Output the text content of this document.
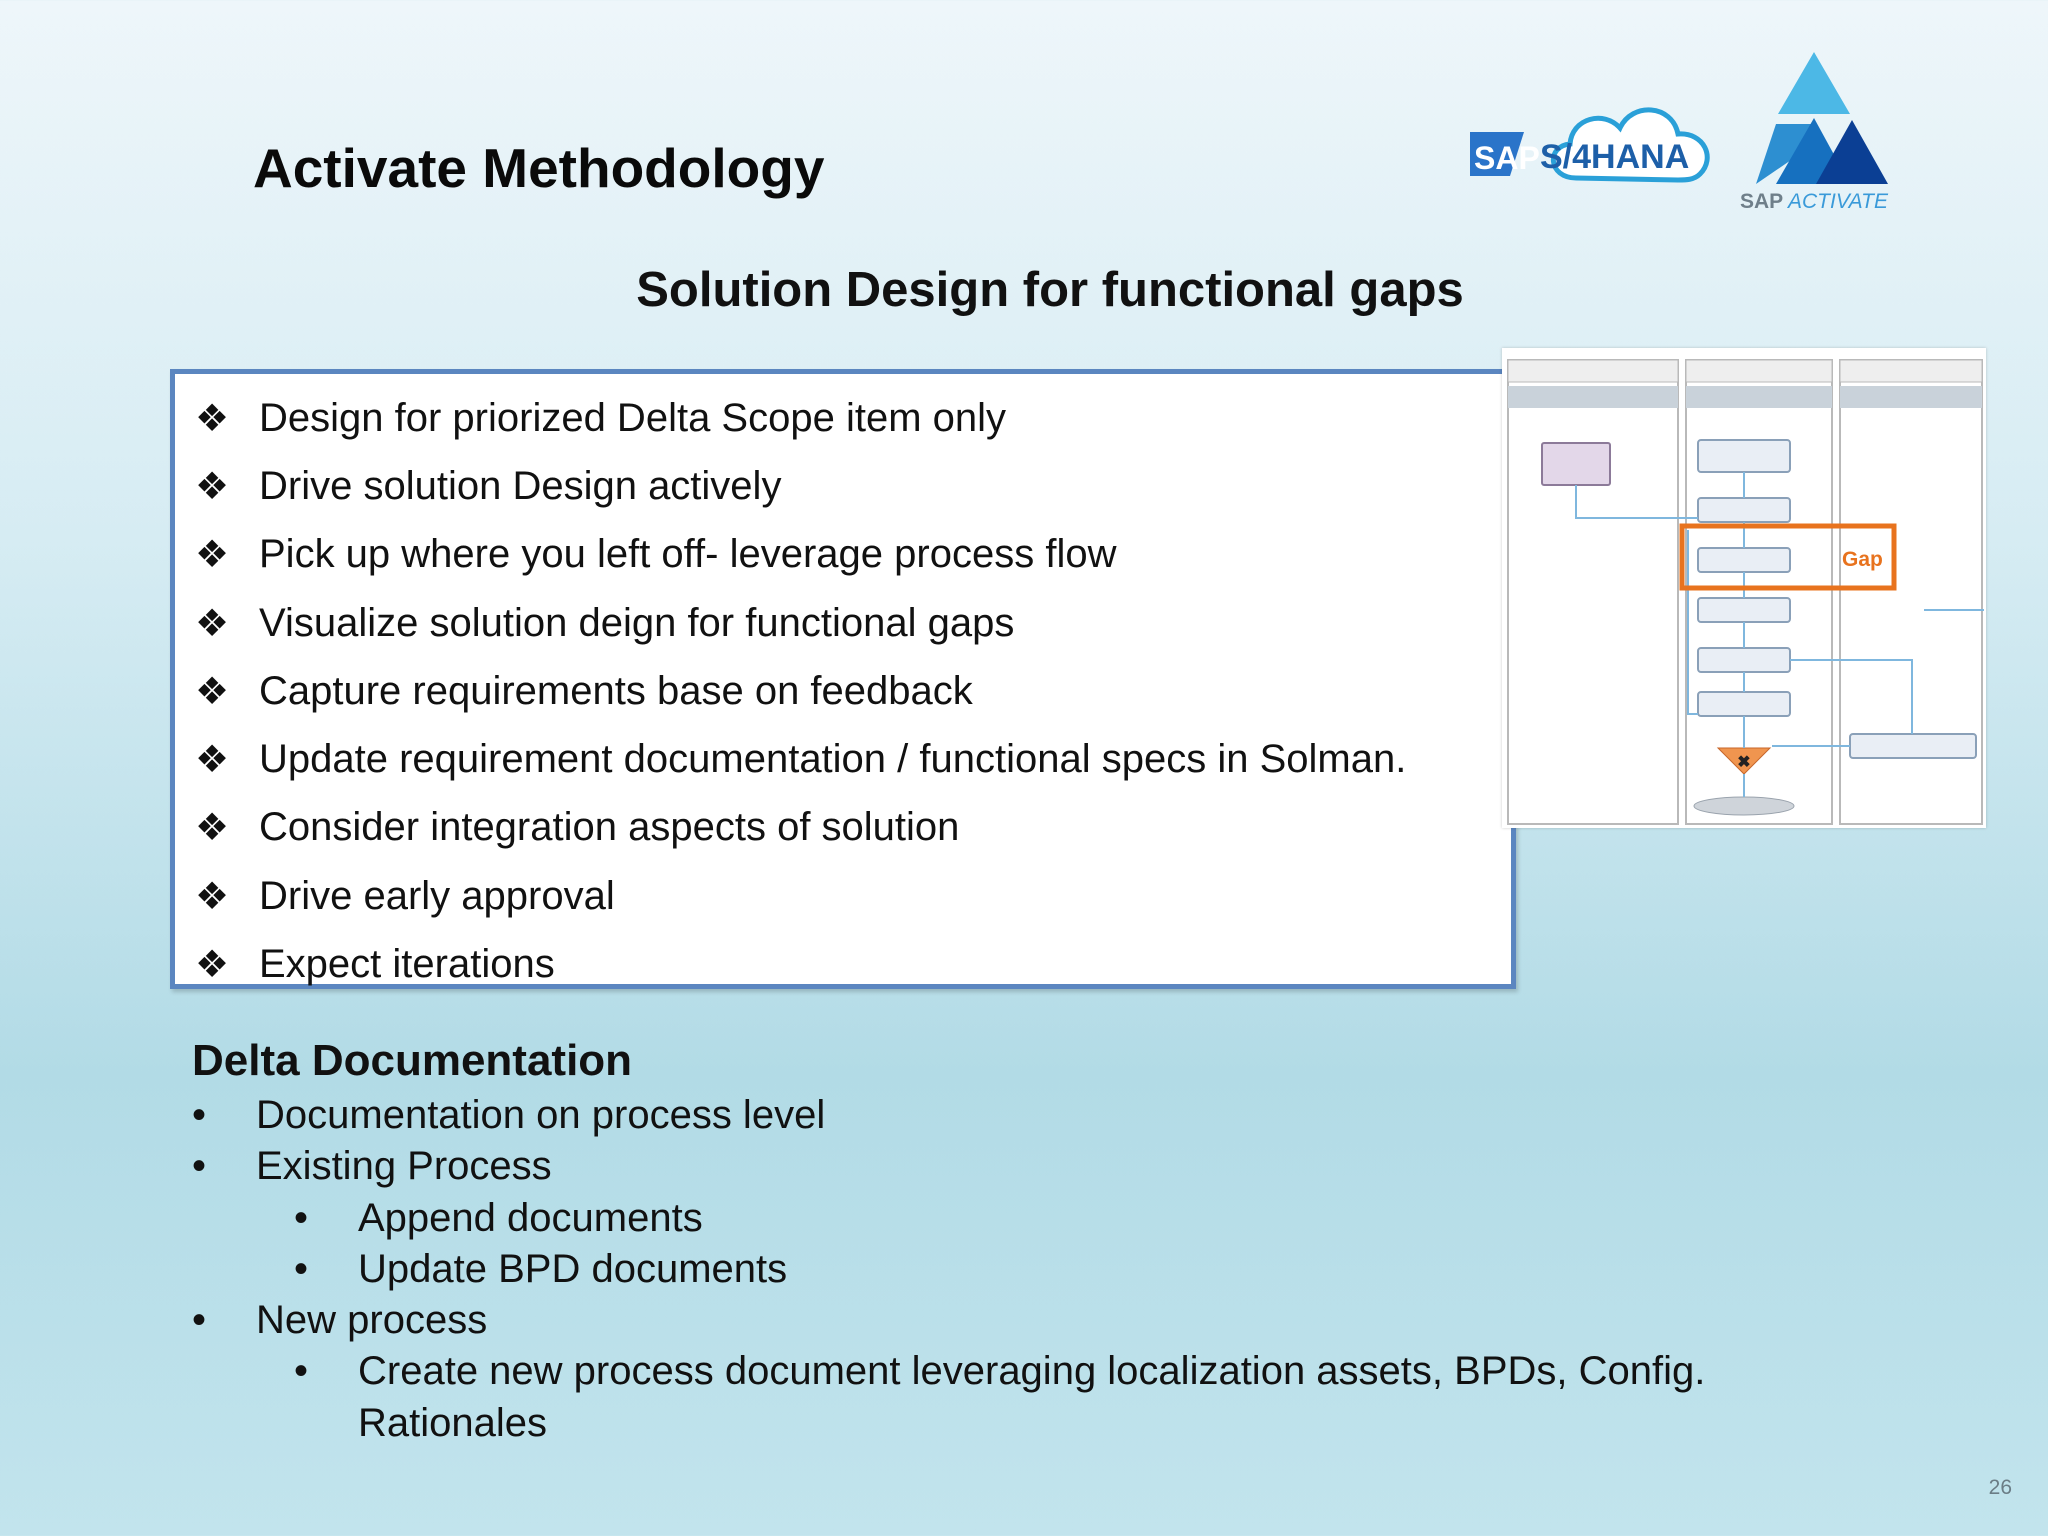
Activate Methodology	SAP S/4HANA
SAP ACTIVATE
Solution Design for functional gaps
❖ Design for priorized Delta Scope item only
❖ Drive solution Design actively
❖ Pick up where you left off- leverage process flow
❖ Visualize solution deign for functional gaps
❖ Capture requirements base on feedback
❖ Update requirement documentation / functional specs in Solman.
❖ Consider integration aspects of solution
❖ Drive early approval
❖ Expect iterations
✖
Gap
Delta Documentation
•	Documentation on process level
•	Existing Process
•	Append documents
•	Update BPD documents
•	New process
•	Create new process document leveraging localization assets, BPDs, Config.
Rationales
26
